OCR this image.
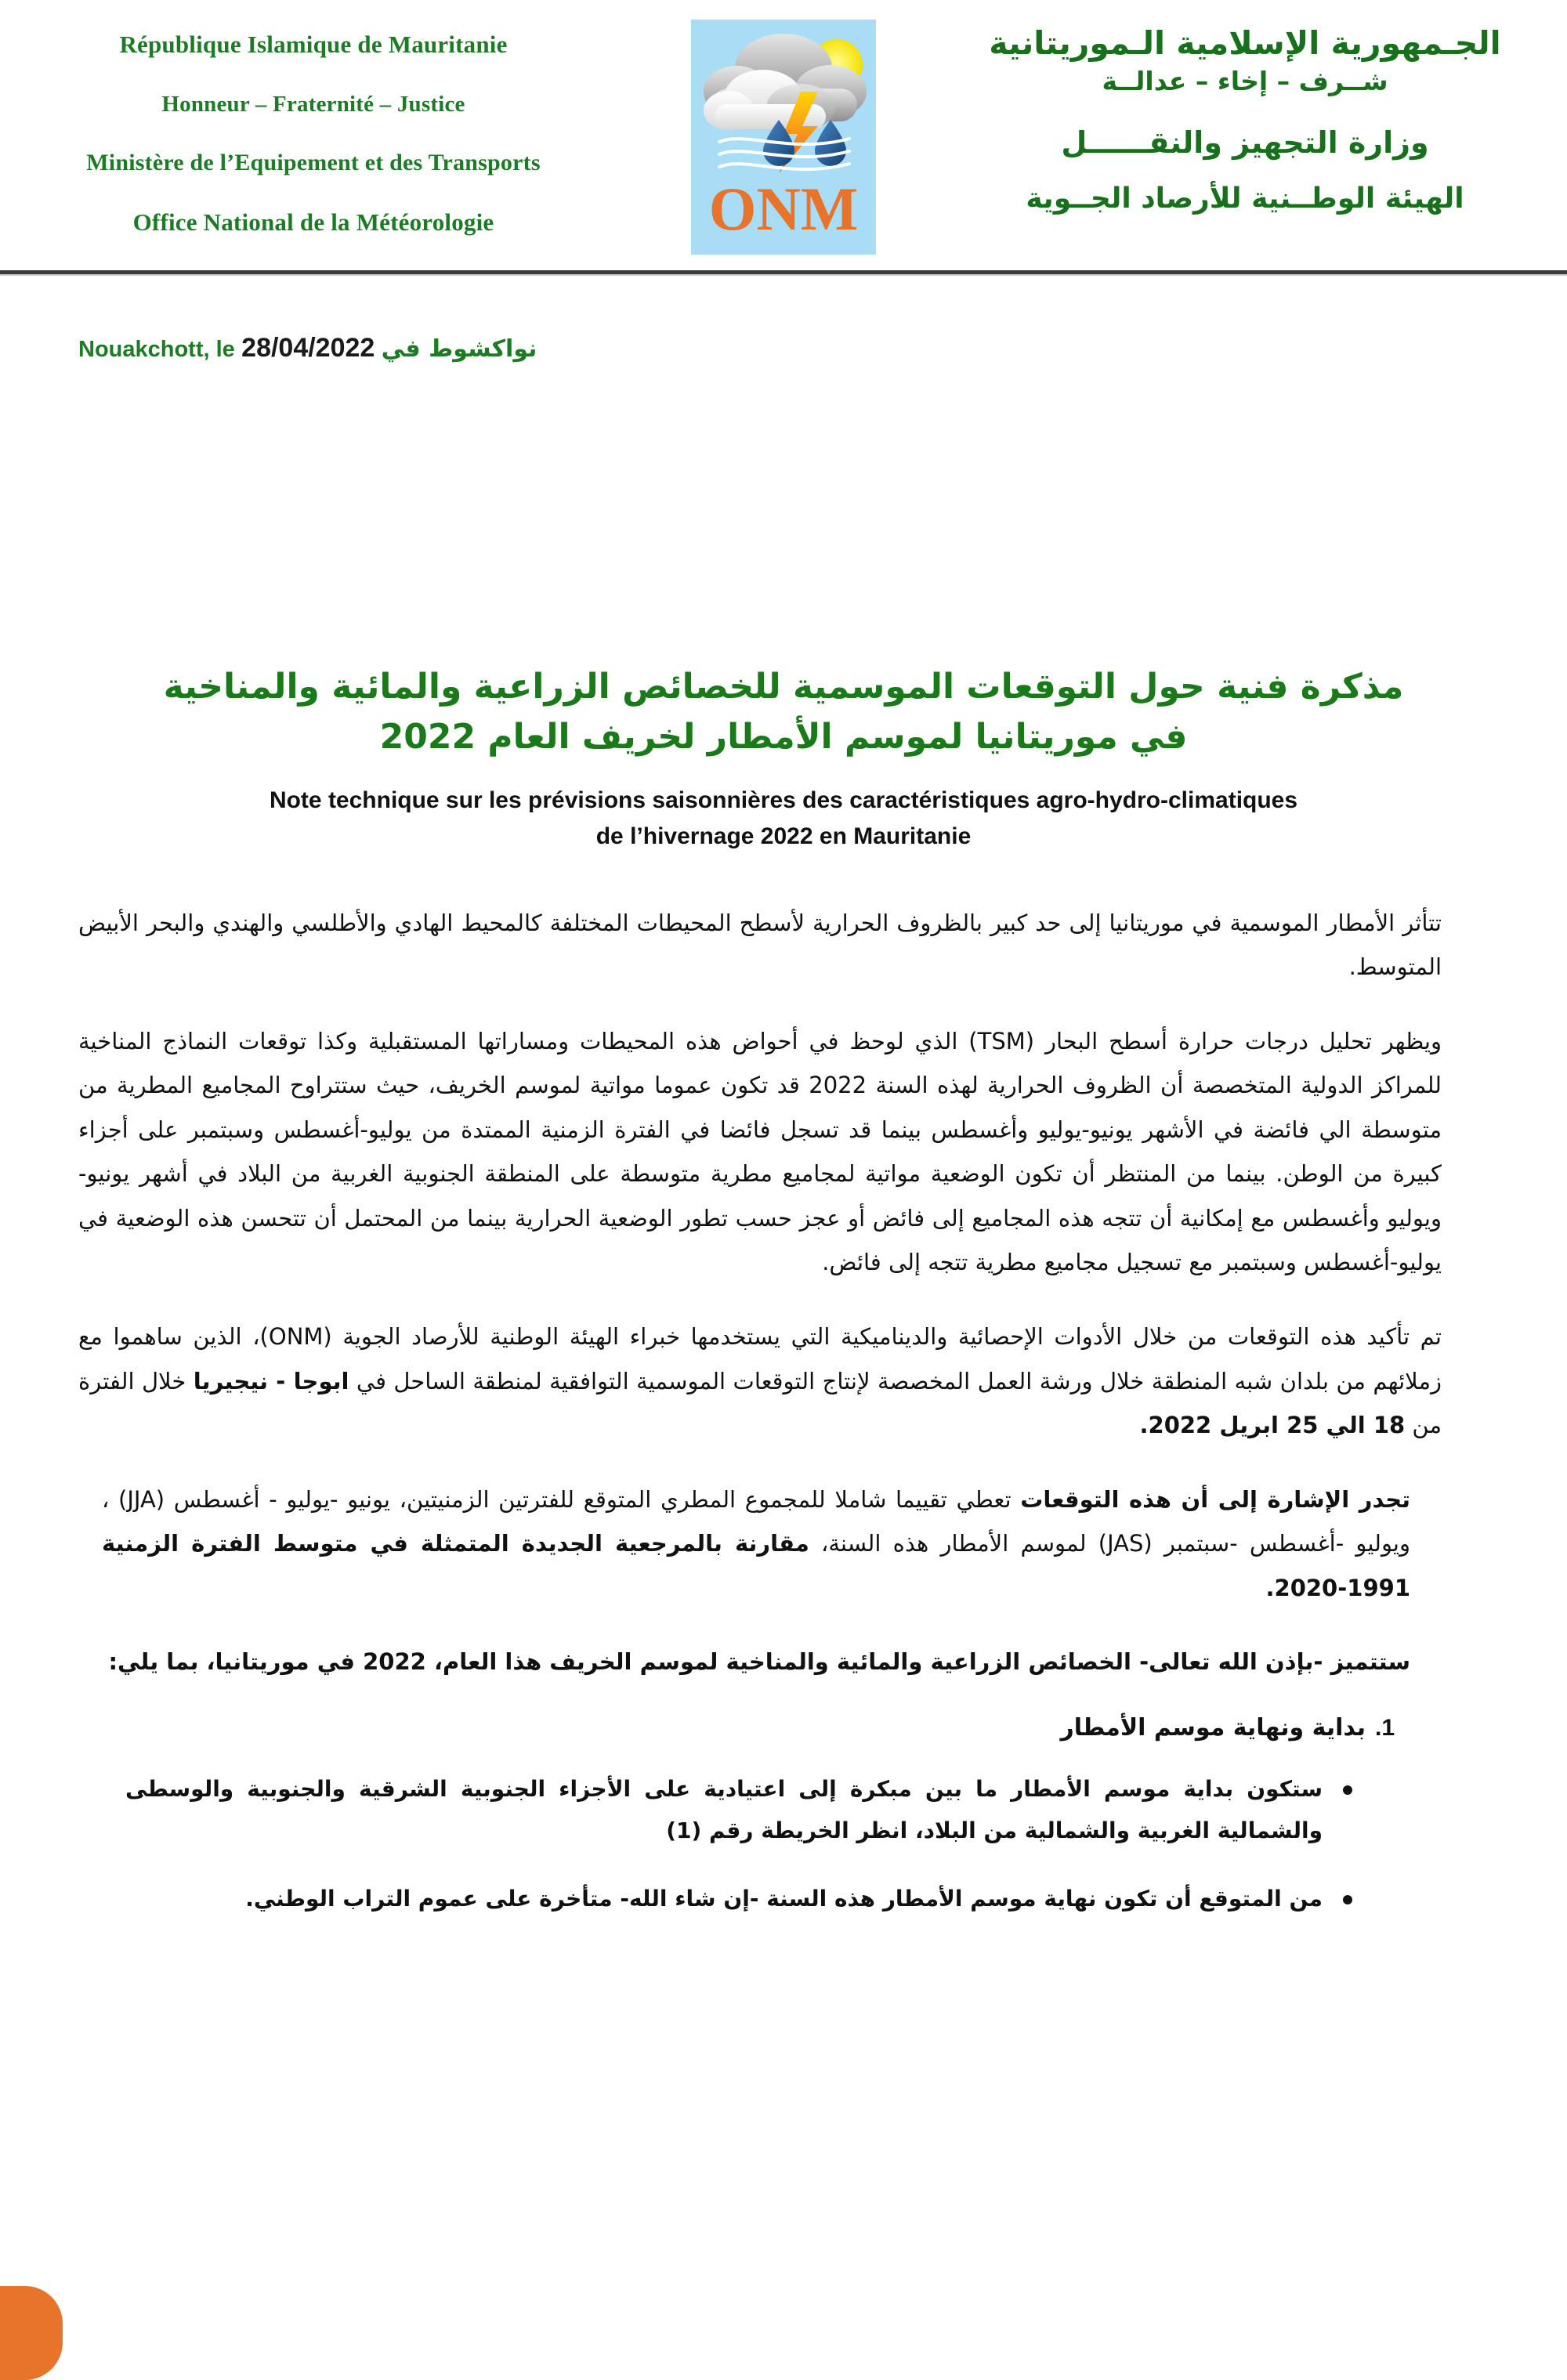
République Islamique de Mauritanie
Honneur – Fraternité – Justice
Ministère de l’Equipement et des Transports
Office National de la Météorologie	ONM
الجـمهورية الإسلامية الـموريتانية
شــرف – إخاء – عدالــة
وزارة التجهيز والنقــــــل
الهيئة الوطــنية للأرصاد الجــوية
Nouakchott, le 28/04/2022 نواكشوط في
مذكرة فنية حول التوقعات الموسمية للخصائص الزراعية والمائية والمناخية
في موريتانيا لموسم الأمطار لخريف العام 2022
Note technique sur les prévisions saisonnières des caractéristiques agro-hydro-climatiques
de l’hivernage 2022 en Mauritanie

تتأثر الأمطار الموسمية في موريتانيا إلى حد كبير بالظروف الحرارية لأسطح المحيطات المختلفة كالمحيط الهادي والأطلسي والهندي والبحر الأبيض المتوسط.

ويظهر تحليل درجات حرارة أسطح البحار (TSM) الذي لوحظ في أحواض هذه المحيطات ومساراتها المستقبلية وكذا توقعات النماذج المناخية للمراكز الدولية المتخصصة أن الظروف الحرارية لهذه السنة 2022 قد تكون عموما مواتية لموسم الخريف، حيث ستتراوح المجاميع المطرية من متوسطة الي فائضة في الأشهر يونيو-يوليو وأغسطس بينما قد تسجل فائضا في الفترة الزمنية الممتدة من يوليو-أغسطس وسبتمبر على أجزاء كبيرة من الوطن. بينما من المنتظر أن تكون الوضعية مواتية لمجاميع مطرية متوسطة على المنطقة الجنوبية الغربية من البلاد في أشهر يونيو- ويوليو وأغسطس مع إمكانية أن تتجه هذه المجاميع إلى فائض أو عجز حسب تطور الوضعية الحرارية بينما من المحتمل أن تتحسن هذه الوضعية في يوليو-أغسطس وسبتمبر مع تسجيل مجاميع مطرية تتجه إلى فائض.

تم تأكيد هذه التوقعات من خلال الأدوات الإحصائية والديناميكية التي يستخدمها خبراء الهيئة الوطنية للأرصاد الجوية (ONM)، الذين ساهموا مع زملائهم من بلدان شبه المنطقة خلال ورشة العمل المخصصة لإنتاج التوقعات الموسمية التوافقية لمنطقة الساحل في ابوجا - نيجيريا خلال الفترة من 18 الي 25 ابريل 2022.

تجدر الإشارة إلى أن هذه التوقعات تعطي تقييما شاملا للمجموع المطري المتوقع للفترتين الزمنيتين، يونيو -يوليو - أغسطس (JJA) ، ويوليو -أغسطس -سبتمبر (JAS) لموسم الأمطار هذه السنة، مقارنة بالمرجعية الجديدة المتمثلة في متوسط الفترة الزمنية 1991-2020.

ستتميز -بإذن الله تعالى- الخصائص الزراعية والمائية والمناخية لموسم الخريف هذا العام، 2022 في موريتانيا، بما يلي:

1.بداية ونهاية موسم الأمطار
ستكون بداية موسم الأمطار ما بين مبكرة إلى اعتيادية على الأجزاء الجنوبية الشرقية والجنوبية والوسطى والشمالية الغربية والشمالية من البلاد، انظر الخريطة رقم (1)
من المتوقع أن تكون نهاية موسم الأمطار هذه السنة -إن شاء الله- متأخرة على عموم التراب الوطني.
